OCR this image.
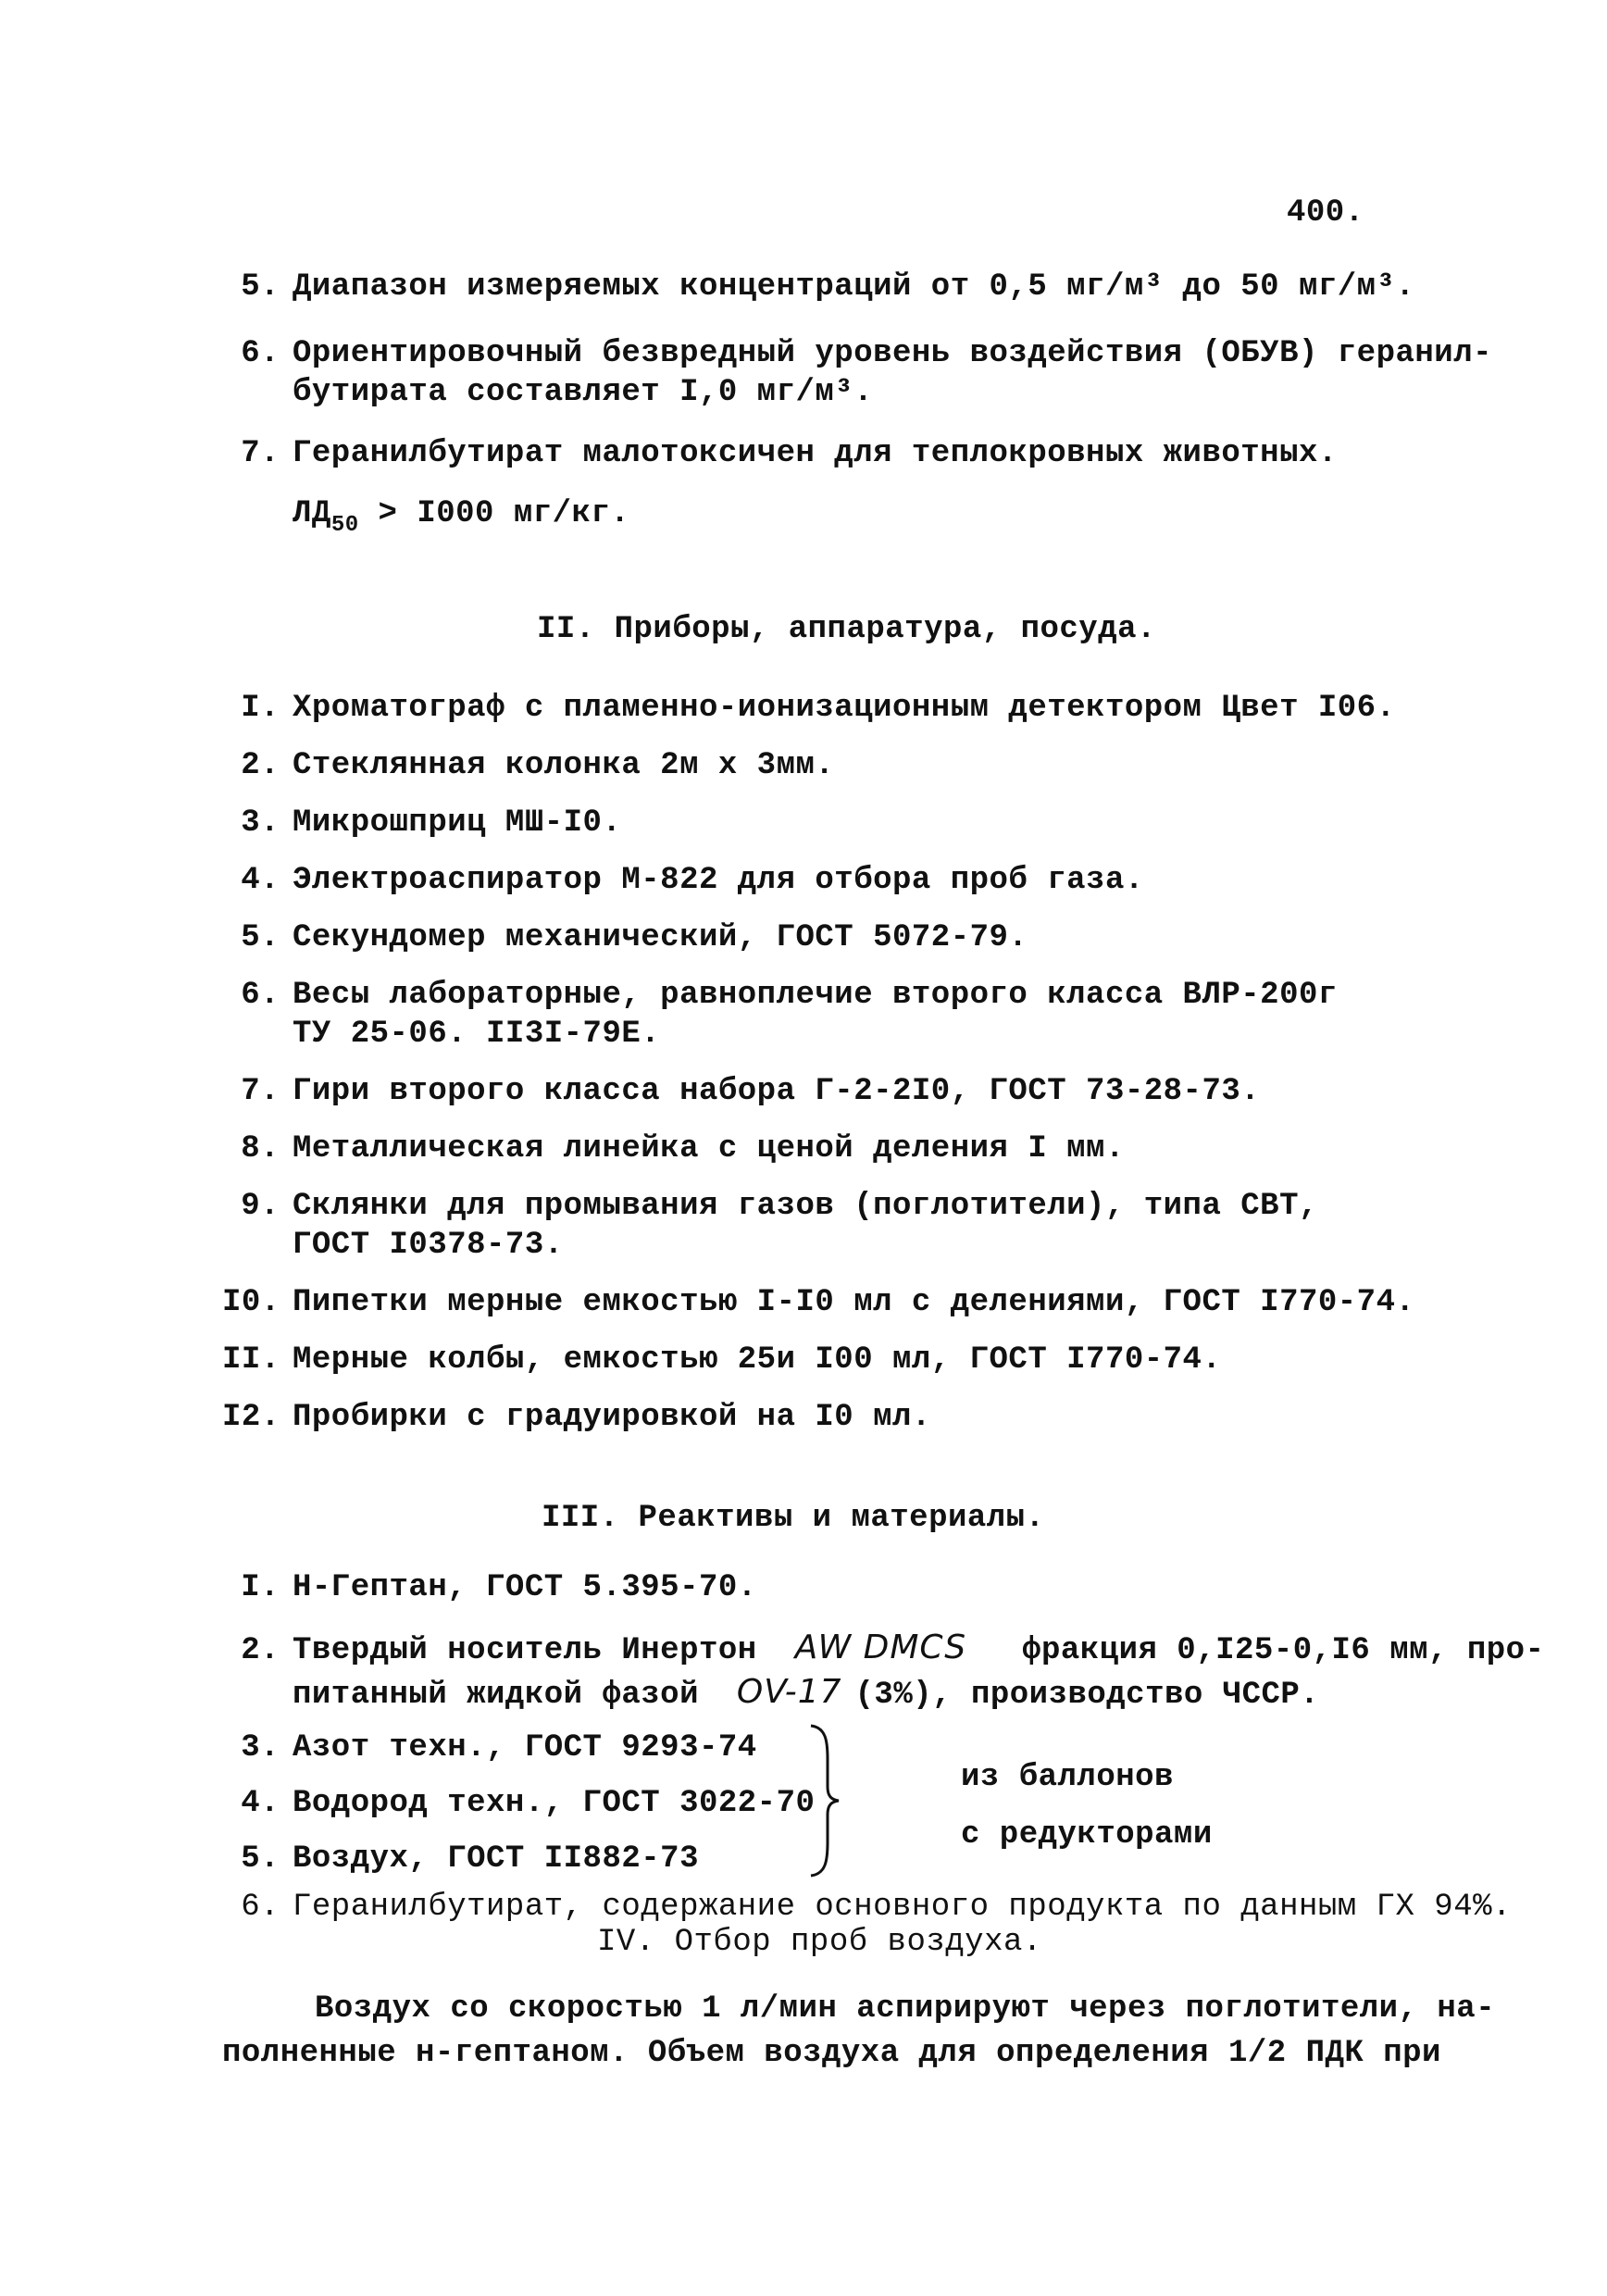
400.
5. Диапазон измеряемых концентраций от 0,5 мг/м³ до 50 мг/м³.
6. Ориентировочный безвредный уровень воздействия (ОБУВ) геранил-
бутирата составляет I,0 мг/м³.
7. Геранилбутират малотоксичен для теплокровных животных.
$ЛД_{50} > I000$ мг/кг.
II. Приборы, аппаратура, посуда.
I. Хроматограф с пламенно-ионизационным детектором Цвет I06.
2. Стеклянная колонка 2м x 3мм.
3. Микрошприц МШ-I0.
4. Электроаспиратор М-822 для отбора проб газа.
5. Секундомер механический, ГОСТ 5072-79.
6. Весы лабораторные, равноплечие второго класса ВЛР-200г
ТУ 25-06. II3I-79Е.
7. Гири второго класса набора Г-2-2I0, ГОСТ 73-28-73.
8. Металлическая линейка с ценой деления I мм.
9. Склянки для промывания газов (поглотители), типа СВТ,
ГОСТ I0378-73.
I0. Пипетки мерные емкостью I-I0 мл с делениями, ГОСТ I770-74.
II. Мерные колбы, емкостью 25и I00 мл, ГОСТ I770-74.
I2. Пробирки с градуировкой на I0 мл.
III. Реактивы и материалы.
I. Н-Гептан, ГОСТ 5.395-70.
2. Твердый носитель Инертон AW DMCS фракция 0,I25-0,I6 мм, про-
питанный жидкой фазой OV-17 (3%), производство ЧССР.
3. Азот техн., ГОСТ 9293-74
4. Водород техн., ГОСТ 3022-70
5. Воздух, ГОСТ II882-73
из баллонов
с редукторами
6. Геранилбутират, содержание основного продукта по данным ГХ 94%.
IV. Отбор проб воздуха.
Воздух со скоростью 1 л/мин аспирируют через поглотители, на-
полненные н-гептаном. Объем воздуха для определения 1/2 ПДК при
